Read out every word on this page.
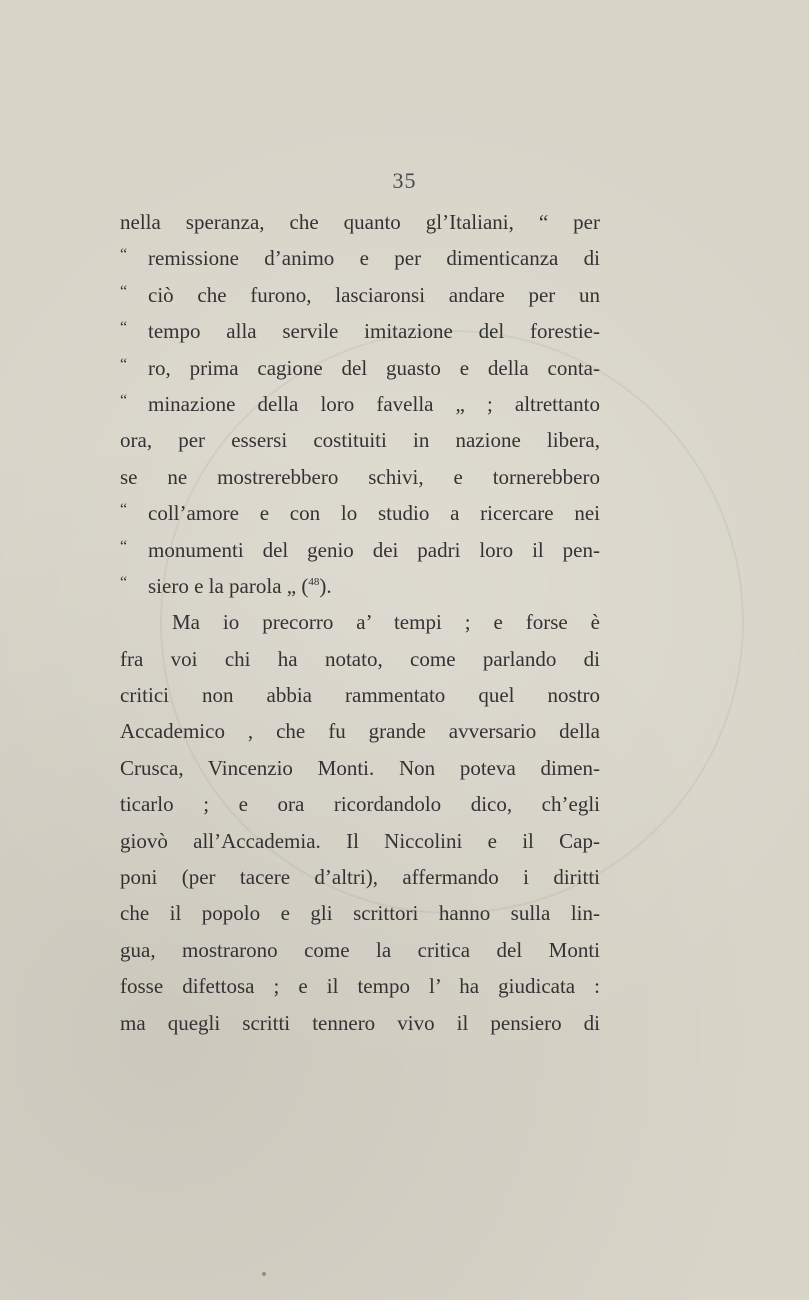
35
nella speranza, che quanto gl’Italiani, “ per
“ remissione d’animo e per dimenticanza di
“ ciò che furono, lasciaronsi andare per un
“ tempo alla servile imitazione del forestie-
“ ro, prima cagione del guasto e della conta-
“ minazione della loro favella „ ; altrettanto
ora, per essersi costituiti in nazione libera,
se ne mostrerebbero schivi, e tornerebbero
“ coll’amore e con lo studio a ricercare nei
“ monumenti del genio dei padri loro il pen-
“ siero e la parola „ ( 48 ).
Ma io precorro a’ tempi ; e forse è
fra voi chi ha notato, come parlando di
critici non abbia rammentato quel nostro
Accademico , che fu grande avversario della
Crusca, Vincenzio Monti. Non poteva dimen-
ticarlo ; e ora ricordandolo dico, ch’egli
giovò all’Accademia. Il Niccolini e il Cap-
poni (per tacere d’altri), affermando i diritti
che il popolo e gli scrittori hanno sulla lin-
gua, mostrarono come la critica del Monti
fosse difettosa ; e il tempo l’ ha giudicata :
ma quegli scritti tennero vivo il pensiero di
